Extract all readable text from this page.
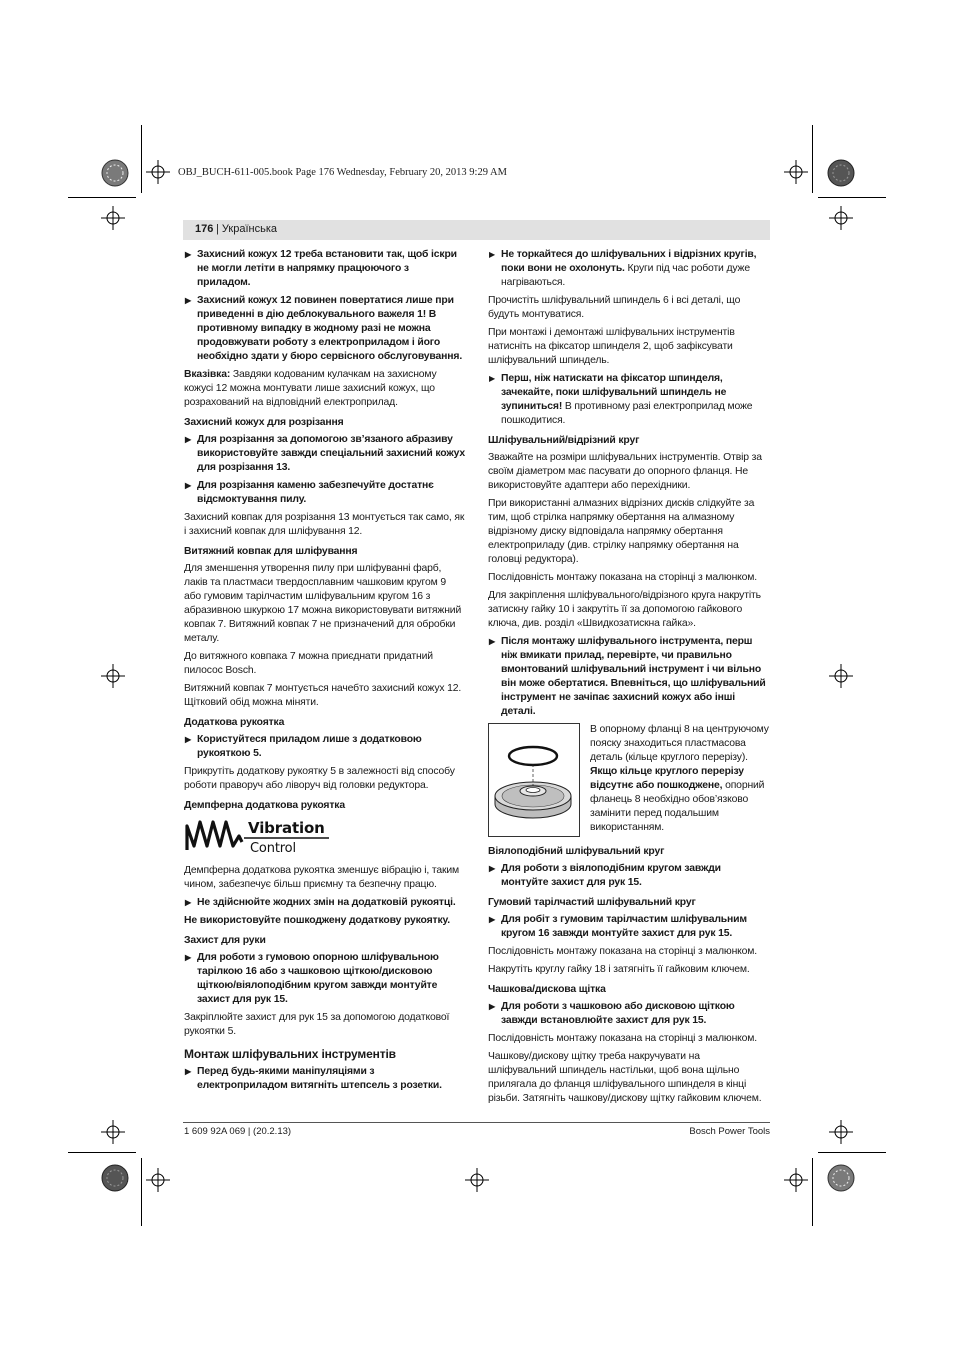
OBJ_BUCH-611-005.book Page 176 Wednesday, February 20, 2013 9:29 AM
176 | Українська

▶ Захисний кожух 12 треба встановити так, щоб іскри не могли летіти в напрямку працюючого з приладом.

▶ Захисний кожух 12 повинен повертатися лише при приведенні в дію деблокувального важеля 1! В противному випадку в жодному разі не можна продовжувати роботу з електроприладом і його необхідно здати у бюро сервісного обслуговування.

Вказівка: Завдяки кодованим кулачкам на захисному кожусі 12 можна монтувати лише захисний кожух, що розрахований на відповідний електроприлад.

Захисний кожух для розрізання

▶ Для розрізання за допомогою зв’язаного абразиву використовуйте завжди спеціальний захисний кожух для розрізання 13.

▶ Для розрізання каменю забезпечуйте достатнє відсмоктування пилу.

Захисний ковпак для розрізання 13 монтується так само, як і захисний ковпак для шліфування 12.

Витяжний ковпак для шліфування

Для зменшення утворення пилу при шліфуванні фарб, лаків та пластмаси твердосплавним чашковим кругом 9 або гумовим тарілчастим шліфувальним кругом 16 з абразивною шкуркою 17 можна використовувати витяжний ковпак 7. Витяжний ковпак 7 не призначений для обробки металу.

До витяжного ковпака 7 можна приєднати придатний пилосос Bosch.

Витяжний ковпак 7 монтується начебто захисний кожух 12. Щітковий обід можна міняти.

Додаткова рукоятка

▶ Користуйтеся приладом лише з додатковою рукояткою 5.

Прикрутіть додаткову рукоятку 5 в залежності від способу роботи праворуч або ліворуч від головки редуктора.

Демпферна додаткова рукоятка
Vibration
Control

Демпферна додаткова рукоятка зменшує вібрацію і, таким чином, забезпечує більш приємну та безпечну працю.

▶ Не здійснюйте жодних змін на додатковій рукоятці.

Не використовуйте пошкоджену додаткову рукоятку.

Захист для руки

▶ Для роботи з гумовою опорною шліфувальною тарілкою 16 або з чашковою щіткою/дисковою щіткою/віялоподібним кругом завжди монтуйте захист для рук 15.

Закріплюйте захист для рук 15 за допомогою додаткової рукоятки 5.

Монтаж шліфувальних інструментів

▶ Перед будь-якими маніпуляціями з електроприладом витягніть штепсель з розетки.

▶ Не торкайтеся до шліфувальних і відрізних кругів, поки вони не охолонуть. Круги під час роботи дуже нагріваються.

Прочистіть шліфувальний шпиндель 6 і всі деталі, що будуть монтуватися.

При монтажі і демонтажі шліфувальних інструментів натисніть на фіксатор шпинделя 2, щоб зафіксувати шліфувальний шпиндель.

▶ Перш, ніж натискати на фіксатор шпинделя, зачекайте, поки шліфувальний шпиндель не зупиниться! В противному разі електроприлад може пошкодитися.

Шліфувальний/відрізний круг

Зважайте на розміри шліфувальних інструментів. Отвір за своїм діаметром має пасувати до опорного фланця. Не використовуйте адаптери або перехідники.

При використанні алмазних відрізних дисків слідкуйте за тим, щоб стрілка напрямку обертання на алмазному відрізному диску відповідала напрямку обертання електроприладу (див. стрілку напрямку обертання на головці редуктора).

Послідовність монтажу показана на сторінці з малюнком.

Для закріплення шліфувального/відрізного круга накрутіть затискну гайку 10 і закрутіть її за допомогою гайкового ключа, див. розділ «Швидкозатискна гайка».

▶ Після монтажу шліфувального інструмента, перш ніж вмикати прилад, перевірте, чи правильно вмонтований шліфувальний інструмент і чи вільно він може обертатися. Впевніться, що шліфувальний інструмент не зачіпає захисний кожух або інші деталі.

В опорному фланці 8 на центруючому пояску знаходиться пластмасова деталь (кільце круглого перерізу). Якщо кільце круглого перерізу відсутнє або пошкоджене, опорний фланець 8 необхідно обов’язково замінити перед подальшим використанням.

Віялоподібний шліфувальний круг

▶ Для роботи з віялоподібним кругом завжди монтуйте захист для рук 15.

Гумовий тарілчастий шліфувальний круг

▶ Для робіт з гумовим тарілчастим шліфувальним кругом 16 завжди монтуйте захист для рук 15.

Послідовність монтажу показана на сторінці з малюнком.

Накрутіть круглу гайку 18 і затягніть її гайковим ключем.

Чашкова/дискова щітка

▶ Для роботи з чашковою або дисковою щіткою завжди встановлюйте захист для рук 15.

Послідовність монтажу показана на сторінці з малюнком.

Чашкову/дискову щітку треба накручувати на шліфувальний шпиндель настільки, щоб вона щільно прилягала до фланця шліфувального шпинделя в кінці різьби. Затягніть чашкову/дискову щітку гайковим ключем.

1 609 92A 069 | (20.2.13)	Bosch Power Tools
